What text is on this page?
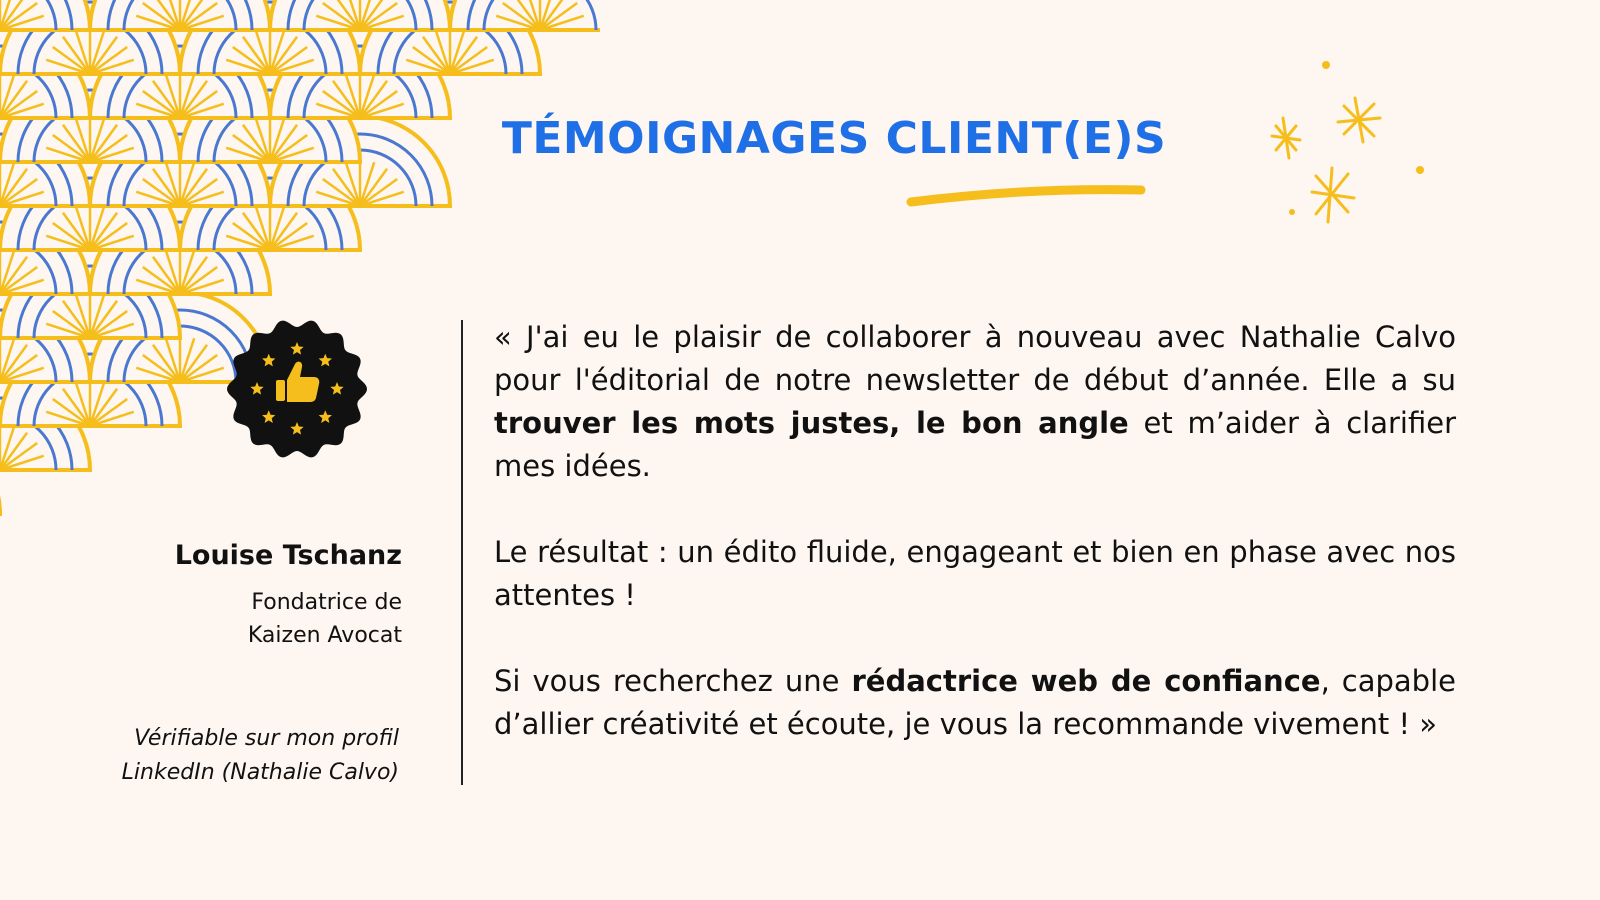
TÉMOIGNAGES CLIENT(E)S
Louise Tschanz
Fondatrice de
Kaizen Avocat
Vérifiable sur mon profil
LinkedIn (Nathalie Calvo)

« J'ai eu le plaisir de collaborer à nouveau avec Nathalie Calvo pour l'éditorial de notre newsletter de début d’année. Elle a su trouver les mots justes, le bon angle et m’aider à clarifier mes idées.

Le résultat : un édito fluide, engageant et bien en phase avec nos attentes !

Si vous recherchez une rédactrice web de confiance, capable d’allier créativité et écoute, je vous la recommande vivement ! »
